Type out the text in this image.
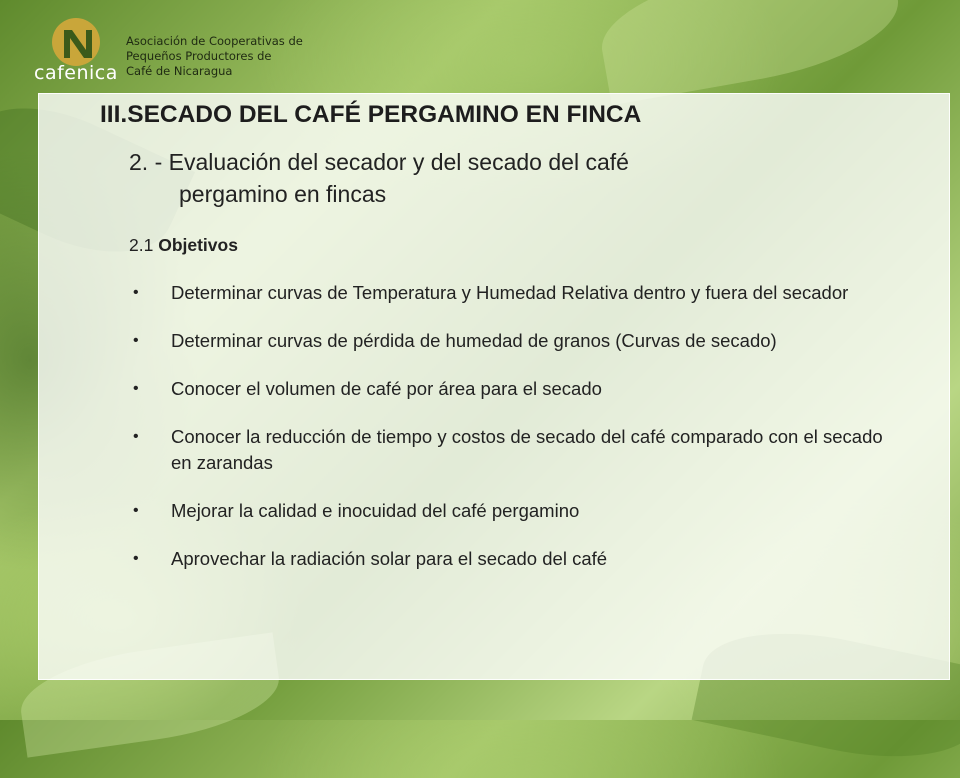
cafenica
Asociación de Cooperativas de
Pequeños Productores de
Café de Nicaragua
III.SECADO DEL CAFÉ PERGAMINO EN FINCA
2. - Evaluación del secador y del secado del café
pergamino en fincas
2.1 Objetivos
• Determinar curvas de Temperatura y Humedad Relativa dentro y fuera del secador
• Determinar curvas de pérdida de humedad de granos (Curvas de secado)
• Conocer el volumen de café por área para el secado
• Conocer la reducción de tiempo y costos de secado del café comparado con el secado en zarandas
• Mejorar la calidad e inocuidad del café pergamino
• Aprovechar la radiación solar para el secado del café
